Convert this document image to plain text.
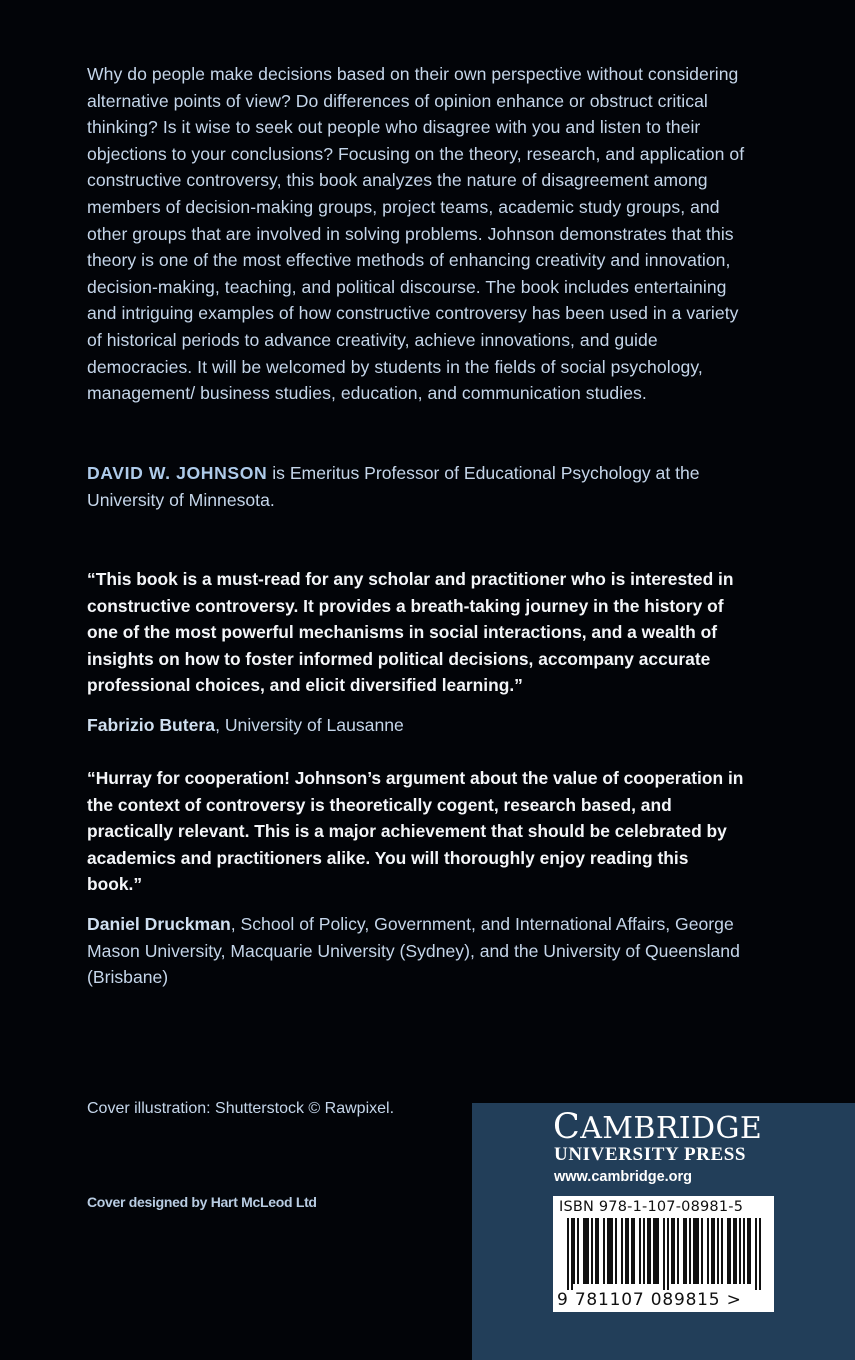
Why do people make decisions based on their own perspective without considering alternative points of view? Do differences of opinion enhance or obstruct critical thinking? Is it wise to seek out people who disagree with you and listen to their objections to your conclusions? Focusing on the theory, research, and application of constructive controversy, this book analyzes the nature of disagreement among members of decision-making groups, project teams, academic study groups, and other groups that are involved in solving problems. Johnson demonstrates that this theory is one of the most effective methods of enhancing creativity and innovation, decision-making, teaching, and political discourse. The book includes entertaining and intriguing examples of how constructive controversy has been used in a variety of historical periods to advance creativity, achieve innovations, and guide democracies. It will be welcomed by students in the fields of social psychology, management/ business studies, education, and communication studies.
DAVID W. JOHNSON is Emeritus Professor of Educational Psychology at the University of Minnesota.
“This book is a must-read for any scholar and practitioner who is interested in constructive controversy. It provides a breath-taking journey in the history of one of the most powerful mechanisms in social interactions, and a wealth of insights on how to foster informed political decisions, accompany accurate professional choices, and elicit diversified learning.”
Fabrizio Butera, University of Lausanne
“Hurray for cooperation! Johnson’s argument about the value of cooperation in the context of controversy is theoretically cogent, research based, and practically relevant. This is a major achievement that should be celebrated by academics and practitioners alike. You will thoroughly enjoy reading this book.”
Daniel Druckman, School of Policy, Government, and International Affairs, George Mason University, Macquarie University (Sydney), and the University of Queensland (Brisbane)
Cover illustration: Shutterstock © Rawpixel.
Cover designed by Hart McLeod Ltd
CAMBRIDGE
UNIVERSITY PRESS
www.cambridge.org
ISBN 978-1-107-08981-5
9 781107 089815 >
